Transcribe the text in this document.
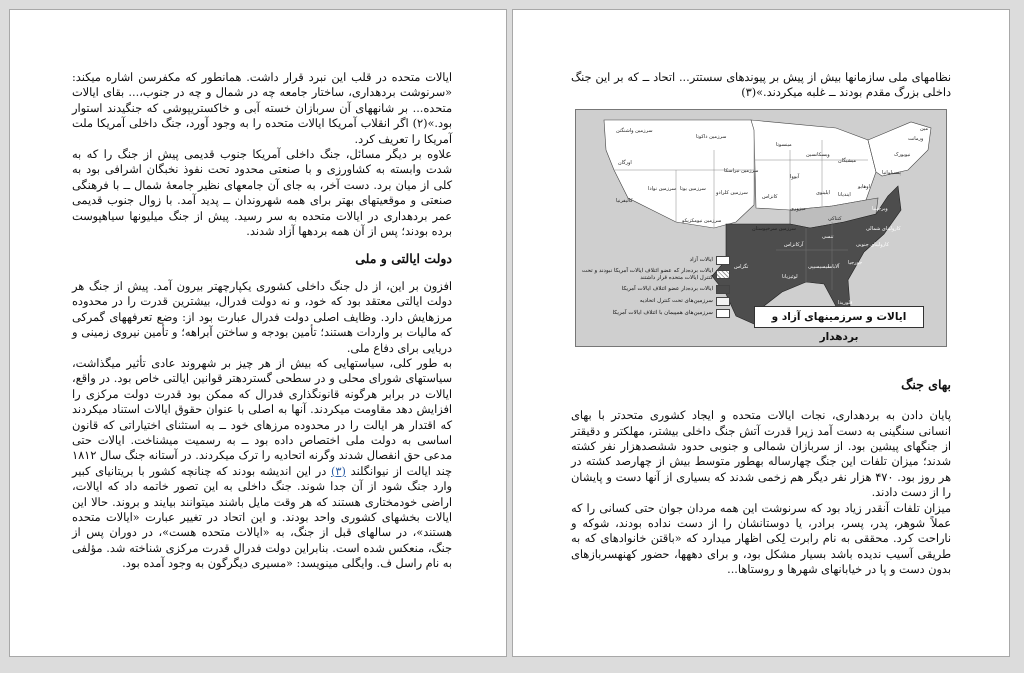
ایالات متحده در قلب این نبرد قرار داشت. همانطور که مکفرسن اشاره میکند: «سرنوشت بردهداری، ساختار جامعه چه در شمال و چه در جنوب،... بقای ایالات متحده... بر شانههای آن سربازان خسته آبی و خاکستریپوشی که جنگیدند استوار بود.»(۲) اگر انقلاب آمریکا ایالات متحده را به وجود آورد، جنگ داخلی آمریکا ملت آمریکا را تعریف کرد.

علاوه بر دیگر مسائل، جنگ داخلی آمریکا جنوب قدیمی پیش از جنگ را که به شدت وابسته به کشاورزی و با صنعتی محدود تحت نفوذ نخبگان اشرافی بود به کلی از میان برد. دست آخر، به جای آن جامعهای نظیر جامعهٔ شمال ــ با فرهنگی صنعتی و موقعیتهای بهتر برای همه شهروندان ــ پدید آمد. با زوال جنوب قدیمی عمر بردهداری در ایالات متحده به سر رسید. پیش از جنگ میلیونها سیاهپوست برده بودند؛ پس از آن همه بردهها آزاد شدند.

دولت ایالتی و ملی

افزون بر این، از دل جنگ داخلی کشوری یکپارچهتر بیرون آمد. پیش از جنگ هر دولت ایالتی معتقد بود که خود، و نه دولت فدرال، بیشترین قدرت را در محدوده مرزهایش دارد. وظایف اصلی دولت فدرال عبارت بود از: وضع تعرفههای گمرکی که مالیات بر واردات هستند؛ تأمین بودجه و ساختن آبراهه؛ و تأمین نیروی زمینی و دریایی برای دفاع ملی.

به طور کلی، سیاستهایی که بیش از هر چیز بر شهروند عادی تأثیر میگذاشت، سیاستهای شورای محلی و در سطحی گستردهتر قوانین ایالتی خاص بود. در واقع، ایالات در برابر هرگونه قانونگذاری فدرال که ممکن بود قدرت دولت مرکزی را افزایش دهد مقاومت میکردند. آنها به اصلی با عنوان حقوق ایالات استناد میکردند که اقتدار هر ایالت را در محدوده مرزهای خود ــ به استثنای اختیاراتی که قانون اساسی به دولت ملی اختصاص داده بود ــ به رسمیت میشناخت. ایالات حتی مدعی حق انفصال شدند وگرنه اتحادیه را ترک میکردند. در آستانه جنگ سال ۱۸۱۲ چند ایالت از نیوانگلند (۳) در این اندیشه بودند که چنانچه کشور با بریتانیای کبیر وارد جنگ شود از آن جدا شوند. جنگ داخلی به این تصور خاتمه داد که ایالات، اراضی خودمختاری هستند که هر وقت مایل باشند میتوانند بیایند و بروند. حالا این ایالات بخشهای کشوری واحد بودند. و این اتحاد در تغییر عبارت «ایالات متحده هستند»، در سالهای قبل از جنگ، به «ایالات متحده هست»، در دوران پس از جنگ، منعکس شده است. بنابراین دولت فدرال قدرت مرکزی شناخته شد. مؤلفی به نام راسل ف. وایگلی مینویسد: «مسیری دیگرگون به وجود آمده بود.

نظامهای ملی سازمانها بیش از پیش بر پیوندهای سستتر... اتحاد ــ که بر این جنگ داخلی بزرگ مقدم بودند ــ غلبه میکردند.»(۳)

سرزمین واشنگتن
اورگان
سرزمین داکوتا
مینسوتا
کالیفرنیا
سرزمین نوادا سرزمین یوتا
سرزمین کلرادو
سرزمین نبراسکا
سرزمین نیومکزیکو
کانزاس
آیووا
ویسکانسین
میشیگان
ایلینوی ایندیانا
اوهایو
پنسیلوانیا
نیویورک
ورمانت
مین
تگزاس
آرکانزاس
لوئیزیانا
میسیسیپی
آلاباما
جورجیا
فلوریدا
تنسی
کنتاکی
ویرجینیا
کارولینای شمالی
کارولینای جنوبی
میزوری
سرزمین سرخپوستان
ایالات آزاد
ایالات برده‌دار که عضو ائتلاف ایالات آمریکا نبودند و تحت کنترل ایالات متحده قرار داشتند
ایالات برده‌دار عضو ائتلاف ایالات آمریکا
سرزمین‌های تحت کنترل اتحادیه
سرزمین‌های همپیمان با ائتلاف ایالات آمریکا	ایالات و سرزمینهای آزاد و بردهدار
بهای جنگ

پایان دادن به بردهداری، نجات ایالات متحده و ایجاد کشوری متحدتر با بهای انسانی سنگینی به دست آمد زیرا قدرت آتش جنگ داخلی بیشتر، مهلکتر و دقیقتر از جنگهای پیشین بود. از سربازان شمالی و جنوبی حدود ششصدهزار نفر کشته شدند؛ میزان تلفات این جنگ چهارساله بهطور متوسط بیش از چهارصد کشته در هر روز بود. ۴۷۰ هزار نفر دیگر هم زخمی شدند که بسیاری از آنها دست و پایشان را از دست دادند.

میزان تلفات آنقدر زیاد بود که سرنوشت این همه مردان جوان حتی کسانی را که عملاً شوهر، پدر، پسر، برادر، یا دوستانشان را از دست نداده بودند، شوکه و ناراحت کرد. محققی به نام رابرت لِکی اظهار میدارد که «باقتن خانوادهای که به طریقی آسیب ندیده باشد بسیار مشکل بود، و برای دههها، حضور کهنهسربازهای بدون دست و پا در خیابانهای شهرها و روستاها...
